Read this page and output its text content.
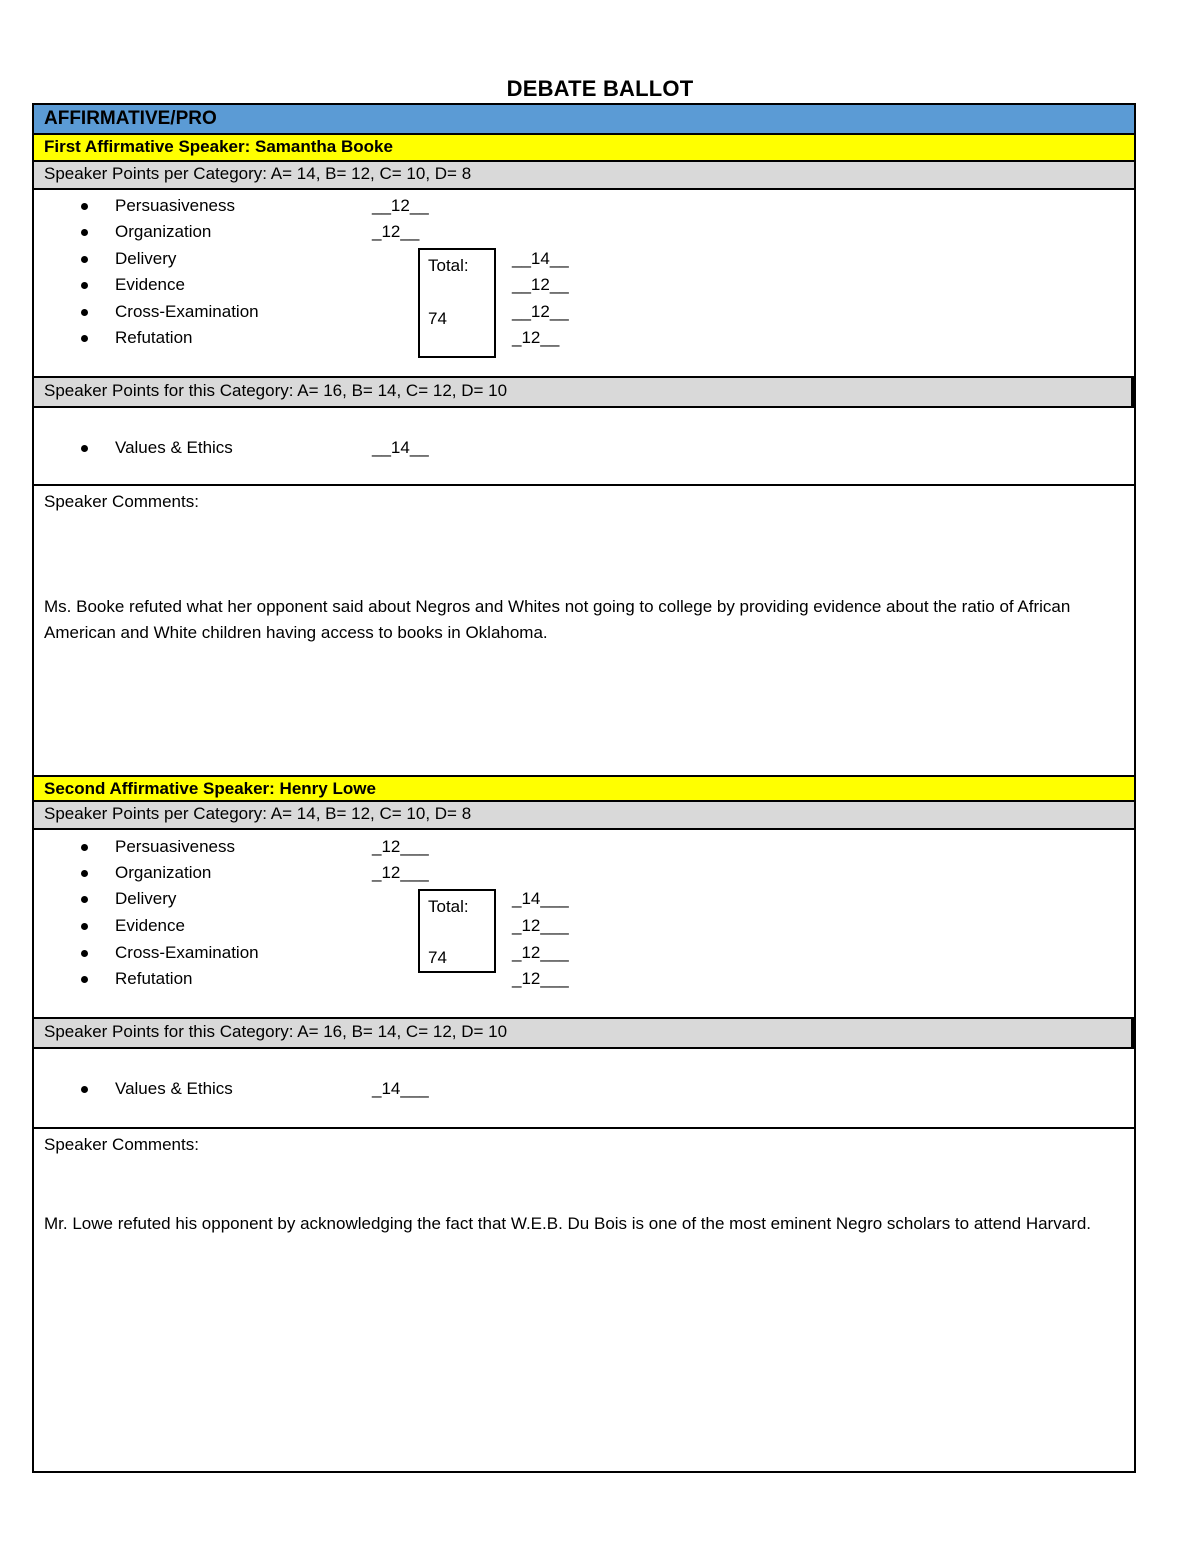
DEBATE BALLOT
AFFIRMATIVE/PRO
First Affirmative Speaker: Samantha Booke
Speaker Points per Category: A= 14, B= 12, C= 10, D= 8
Persuasiveness	__12__
Organization	_12__
Delivery	__14__
Evidence	__12__
Cross-Examination	__12__
Refutation	_12__
Total:
74
Speaker Points for this Category: A= 16, B= 14, C= 12, D= 10
Values & Ethics	__14__
Speaker Comments:
Ms. Booke refuted what her opponent said about Negros and Whites not going to college by providing evidence about the ratio of African American and White children having access to books in Oklahoma.
Second Affirmative Speaker: Henry Lowe
Speaker Points per Category: A= 14, B= 12, C= 10, D= 8
Persuasiveness	_12___
Organization	_12___
Delivery	_14___
Evidence	_12___
Cross-Examination	_12___
Refutation	_12___
Total:
74
Speaker Points for this Category: A= 16, B= 14, C= 12, D= 10
Values & Ethics	_14___
Speaker Comments:
Mr. Lowe refuted his opponent by acknowledging the fact that W.E.B. Du Bois is one of the most eminent Negro scholars to attend Harvard.
